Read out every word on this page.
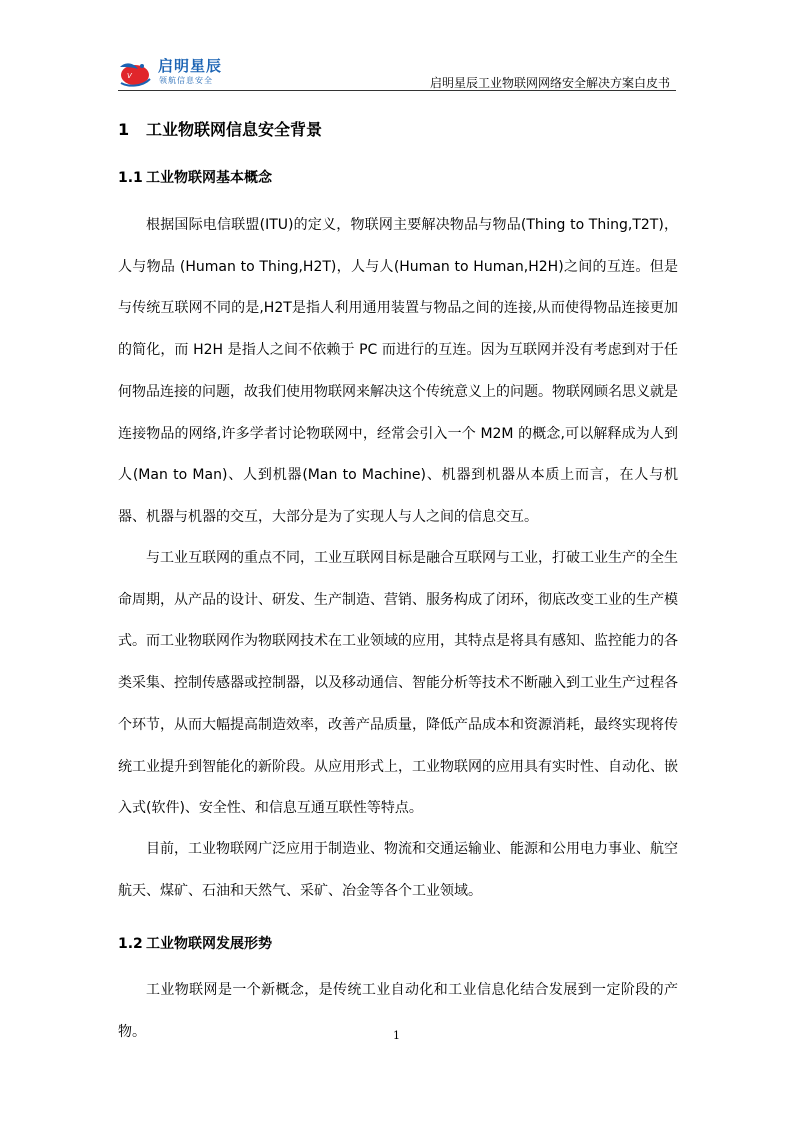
V
启明星辰
领航信息安全	启明星辰工业物联网网络安全解决方案白皮书
1 工业物联网信息安全背景
1.1 工业物联网基本概念

根据国际电信联盟(ITU)的定义，物联网主要解决物品与物品(Thing to Thing,T2T)，人与物品 (Human to Thing,H2T)，人与人(Human to Human,H2H)之间的互连。但是与传统互联网不同的是,H2T是指人利用通用装置与物品之间的连接,从而使得物品连接更加的简化，而 H2H 是指人之间不依赖于 PC 而进行的互连。因为互联网并没有考虑到对于任何物品连接的问题，故我们使用物联网来解决这个传统意义上的问题。物联网顾名思义就是连接物品的网络,许多学者讨论物联网中，经常会引入一个 M2M 的概念,可以解释成为人到人(Man to Man)、人到机器(Man to Machine)、机器到机器从本质上而言，在人与机器、机器与机器的交互，大部分是为了实现人与人之间的信息交互。

与工业互联网的重点不同，工业互联网目标是融合互联网与工业，打破工业生产的全生命周期，从产品的设计、研发、生产制造、营销、服务构成了闭环，彻底改变工业的生产模式。而工业物联网作为物联网技术在工业领域的应用，其特点是将具有感知、监控能力的各类采集、控制传感器或控制器，以及移动通信、智能分析等技术不断融入到工业生产过程各个环节，从而大幅提高制造效率，改善产品质量，降低产品成本和资源消耗，最终实现将传统工业提升到智能化的新阶段。从应用形式上，工业物联网的应用具有实时性、自动化、嵌入式(软件)、安全性、和信息互通互联性等特点。

目前，工业物联网广泛应用于制造业、物流和交通运输业、能源和公用电力事业、航空航天、煤矿、石油和天然气、采矿、冶金等各个工业领域。

1.2 工业物联网发展形势

工业物联网是一个新概念，是传统工业自动化和工业信息化结合发展到一定阶段的产物。	1
